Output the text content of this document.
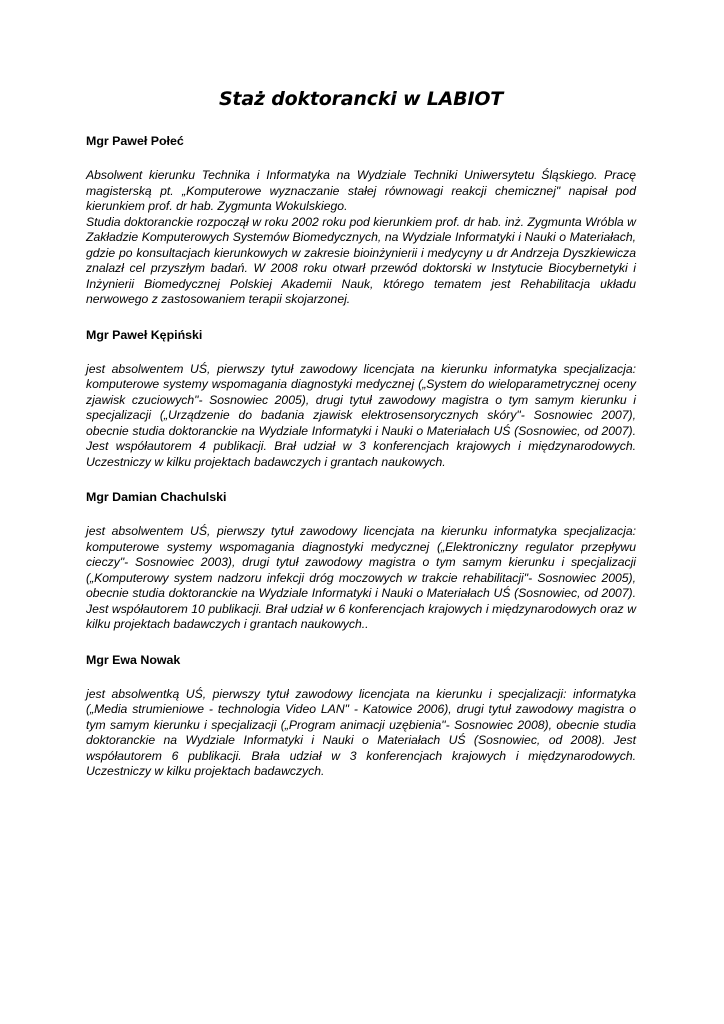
Staż doktorancki w LABIOT
Mgr Paweł Połeć

Absolwent kierunku Technika i Informatyka na Wydziale Techniki Uniwersytetu Śląskiego. Pracę magisterską pt. „Komputerowe wyznaczanie stałej równowagi reakcji chemicznej" napisał pod kierunkiem prof. dr hab. Zygmunta Wokulskiego.

Studia doktoranckie rozpoczął w roku 2002 roku pod kierunkiem prof. dr hab. inż. Zygmunta Wróbla w Zakładzie Komputerowych Systemów Biomedycznych, na Wydziale Informatyki i Nauki o Materiałach, gdzie po konsultacjach kierunkowych w zakresie bioinżynierii i medycyny u dr Andrzeja Dyszkiewicza znalazł cel przyszłym badań. W 2008 roku otwarł przewód doktorski w Instytucie Biocybernetyki i Inżynierii Biomedycznej Polskiej Akademii Nauk, którego tematem jest Rehabilitacja układu nerwowego z zastosowaniem terapii skojarzonej.

Mgr Paweł Kępiński

jest absolwentem UŚ, pierwszy tytuł zawodowy licencjata na kierunku informatyka specjalizacja: komputerowe systemy wspomagania diagnostyki medycznej („System do wieloparametrycznej oceny zjawisk czuciowych"- Sosnowiec 2005), drugi tytuł zawodowy magistra o tym samym kierunku i specjalizacji („Urządzenie do badania zjawisk elektrosensorycznych skóry"- Sosnowiec 2007), obecnie studia doktoranckie na Wydziale Informatyki i Nauki o Materiałach UŚ (Sosnowiec, od 2007). Jest współautorem 4 publikacji. Brał udział w 3 konferencjach krajowych i międzynarodowych. Uczestniczy w kilku projektach badawczych i grantach naukowych.

Mgr Damian Chachulski

jest absolwentem UŚ, pierwszy tytuł zawodowy licencjata na kierunku informatyka specjalizacja: komputerowe systemy wspomagania diagnostyki medycznej („Elektroniczny regulator przepływu cieczy"- Sosnowiec 2003), drugi tytuł zawodowy magistra o tym samym kierunku i specjalizacji („Komputerowy system nadzoru infekcji dróg moczowych w trakcie rehabilitacji"- Sosnowiec 2005), obecnie studia doktoranckie na Wydziale Informatyki i Nauki o Materiałach UŚ (Sosnowiec, od 2007). Jest współautorem 10 publikacji. Brał udział w 6 konferencjach krajowych i międzynarodowych oraz w kilku projektach badawczych i grantach naukowych..

Mgr Ewa Nowak

jest absolwentką UŚ, pierwszy tytuł zawodowy licencjata na kierunku i specjalizacji: informatyka („Media strumieniowe - technologia Video LAN" - Katowice 2006), drugi tytuł zawodowy magistra o tym samym kierunku i specjalizacji („Program animacji uzębienia"- Sosnowiec 2008), obecnie studia doktoranckie na Wydziale Informatyki i Nauki o Materiałach UŚ (Sosnowiec, od 2008). Jest współautorem 6 publikacji. Brała udział w 3 konferencjach krajowych i międzynarodowych. Uczestniczy w kilku projektach badawczych.
